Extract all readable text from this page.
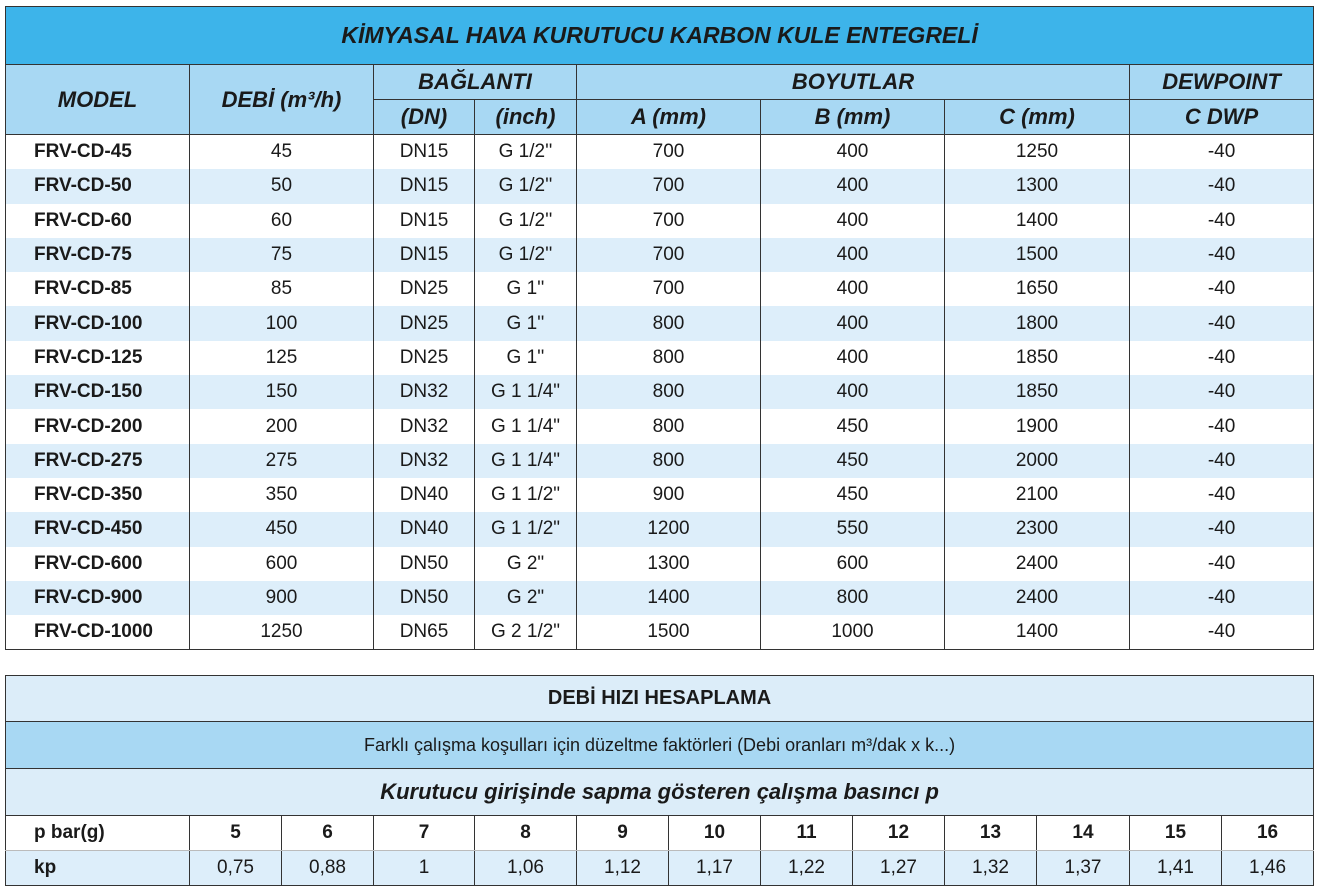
KİMYASAL HAVA KURUTUCU KARBON KULE ENTEGRELİ							
MODEL	DEBİ (m³/h)	BAĞLANTI		BOYUTLAR			DEWPOINT
		(DN)	(inch)	A (mm)	B (mm)	C (mm)	C DWP
FRV-CD-45	45	DN15	G 1/2''	700	400	1250	-40
FRV-CD-50	50	DN15	G 1/2''	700	400	1300	-40
FRV-CD-60	60	DN15	G 1/2''	700	400	1400	-40
FRV-CD-75	75	DN15	G 1/2''	700	400	1500	-40
FRV-CD-85	85	DN25	G 1''	700	400	1650	-40
FRV-CD-100	100	DN25	G 1''	800	400	1800	-40
FRV-CD-125	125	DN25	G 1''	800	400	1850	-40
FRV-CD-150	150	DN32	G 1 1/4"	800	400	1850	-40
FRV-CD-200	200	DN32	G 1 1/4"	800	450	1900	-40
FRV-CD-275	275	DN32	G 1 1/4"	800	450	2000	-40
FRV-CD-350	350	DN40	G 1 1/2"	900	450	2100	-40
FRV-CD-450	450	DN40	G 1 1/2"	1200	550	2300	-40
FRV-CD-600	600	DN50	G 2"	1300	600	2400	-40
FRV-CD-900	900	DN50	G 2"	1400	800	2400	-40
FRV-CD-1000	1250	DN65	G 2 1/2"	1500	1000	1400	-40
DEBİ HIZI HESAPLAMA												
Farklı çalışma koşulları için düzeltme faktörleri (Debi oranları m³/dak x k...)												
Kurutucu girişinde sapma gösteren çalışma basıncı p												
p bar(g)	5	6	7	8	9	10	11	12	13	14	15	16
kp	0,75	0,88	1	1,06	1,12	1,17	1,22	1,27	1,32	1,37	1,41	1,46
